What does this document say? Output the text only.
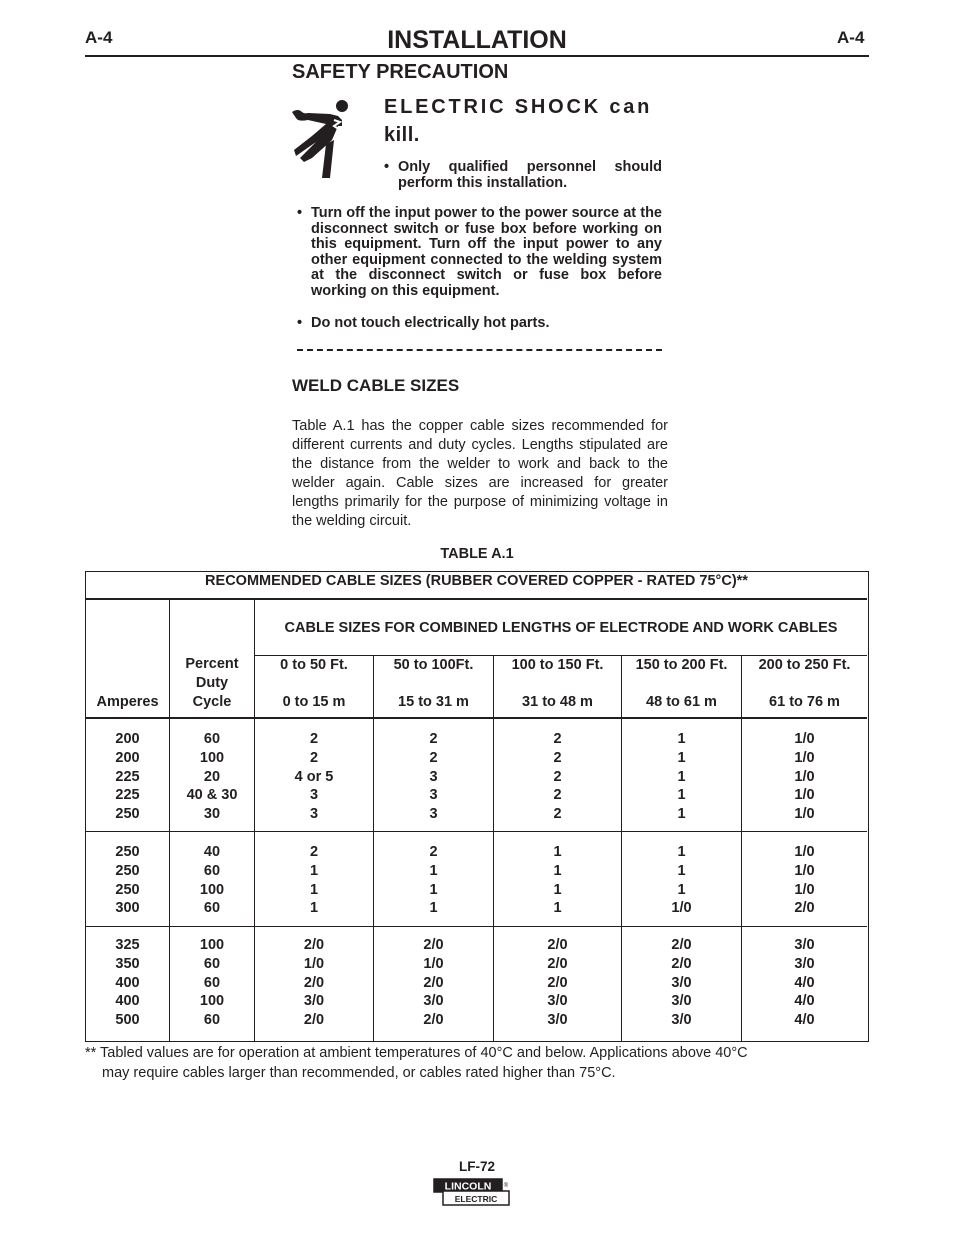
A-4	INSTALLATION	A-4
SAFETY PRECAUTION
ELECTRIC SHOCK can
kill.
• Only qualified personnel should perform this installation.
• Turn off the input power to the power source at the disconnect switch or fuse box before working on this equipment. Turn off the input power to any other equipment connected to the welding system at the disconnect switch or fuse box before working on this equipment.
• Do not touch electrically hot parts.
WELD CABLE SIZES
Table A.1 has the copper cable sizes recommended for different currents and duty cycles. Lengths stipulated are the distance from the welder to work and back to the welder again. Cable sizes are increased for greater lengths primarily for the purpose of minimizing voltage in the welding circuit.
TABLE A.1
RECOMMENDED CABLE SIZES (RUBBER COVERED COPPER - RATED 75°C)**
CABLE SIZES FOR COMBINED LENGTHS OF ELECTRODE AND WORK CABLES
Amperes
Percent
Duty
Cycle
0 to 50 Ft.
0 to 15 m
50 to 100Ft.
15 to 31 m
100 to 150 Ft.
31 to 48 m
150 to 200 Ft.
48 to 61 m
200 to 250 Ft.
61 to 76 m
200
200
225
225
250
60
100
20
40 & 30
30
2
2
4 or 5
3
3
2
2
3
3
3
2
2
2
2
2
1
1
1
1
1
1/0
1/0
1/0
1/0
1/0
250
250
250
300
40
60
100
60
2
1
1
1
2
1
1
1
1
1
1
1
1
1
1
1/0
1/0
1/0
1/0
2/0
325
350
400
400
500
100
60
60
100
60
2/0
1/0
2/0
3/0
2/0
2/0
1/0
2/0
3/0
2/0
2/0
2/0
2/0
3/0
3/0
2/0
2/0
3/0
3/0
3/0
3/0
3/0
4/0
4/0
4/0
** Tabled values are for operation at ambient temperatures of 40°C and below. Applications above 40°C
may require cables larger than recommended, or cables rated higher than 75°C.
LF-72
LINCOLN
ELECTRIC
®
